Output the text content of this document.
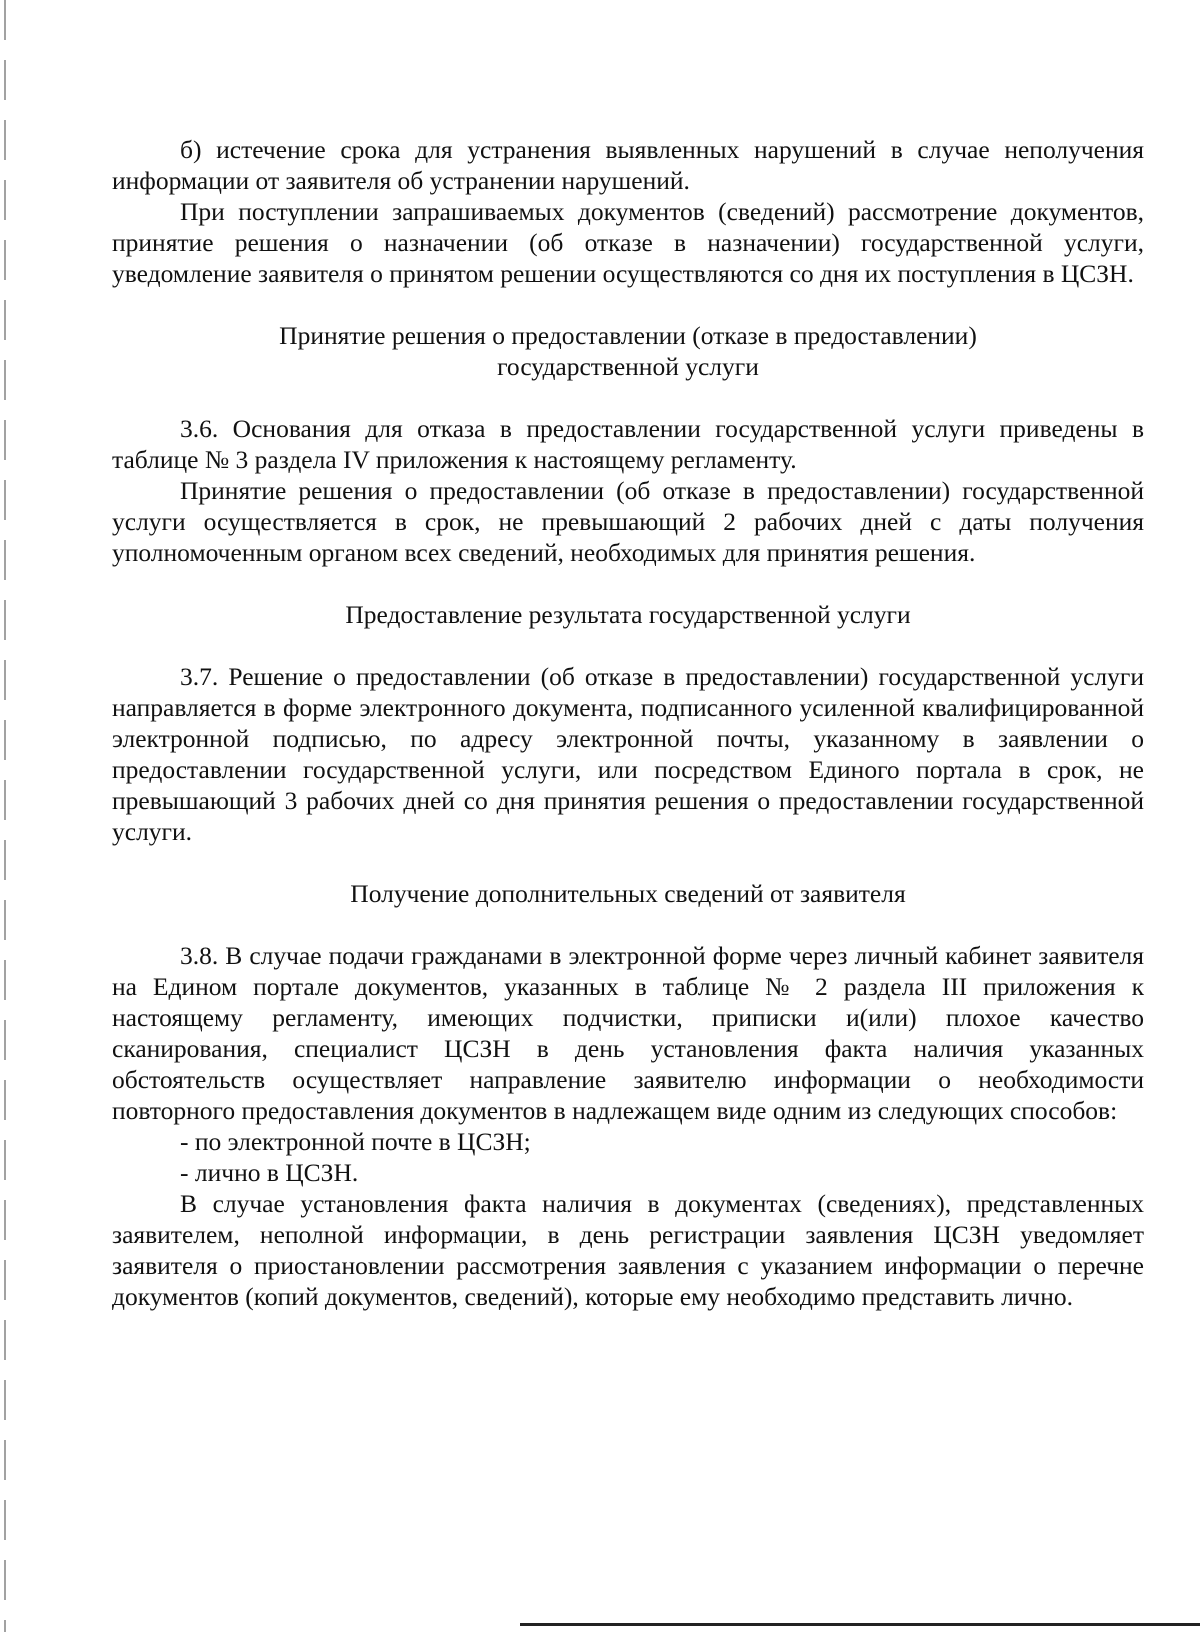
б) истечение срока для устранения выявленных нарушений в случае неполучения информации от заявителя об устранении нарушений.

При поступлении запрашиваемых документов (сведений) рассмотрение документов, принятие решения о назначении (об отказе в назначении) государственной услуги, уведомление заявителя о принятом решении осуществляются со дня их поступления в ЦСЗН.

Принятие решения о предоставлении (отказе в предоставлении)
государственной услуги

3.6. Основания для отказа в предоставлении государственной услуги приведены в таблице № 3 раздела IV приложения к настоящему регламенту.

Принятие решения о предоставлении (об отказе в предоставлении) государственной услуги осуществляется в срок, не превышающий 2 рабочих дней с даты получения уполномоченным органом всех сведений, необходимых для принятия решения.

Предоставление результата государственной услуги

3.7. Решение о предоставлении (об отказе в предоставлении) государственной услуги направляется в форме электронного документа, подписанного усиленной квалифицированной электронной подписью, по адресу электронной почты, указанному в заявлении о предоставлении государственной услуги, или посредством Единого портала в срок, не превышающий 3 рабочих дней со дня принятия решения о предоставлении государственной услуги.

Получение дополнительных сведений от заявителя

3.8. В случае подачи гражданами в электронной форме через личный кабинет заявителя на Едином портале документов, указанных в таблице № 2 раздела III приложения к настоящему регламенту, имеющих подчистки, приписки и(или) плохое качество сканирования, специалист ЦСЗН в день установления факта наличия указанных обстоятельств осуществляет направление заявителю информации о необходимости повторного предоставления документов в надлежащем виде одним из следующих способов:

- по электронной почте в ЦСЗН;

- лично в ЦСЗН.

В случае установления факта наличия в документах (сведениях), представленных заявителем, неполной информации, в день регистрации заявления ЦСЗН уведомляет заявителя о приостановлении рассмотрения заявления с указанием информации о перечне документов (копий документов, сведений), которые ему необходимо представить лично.
